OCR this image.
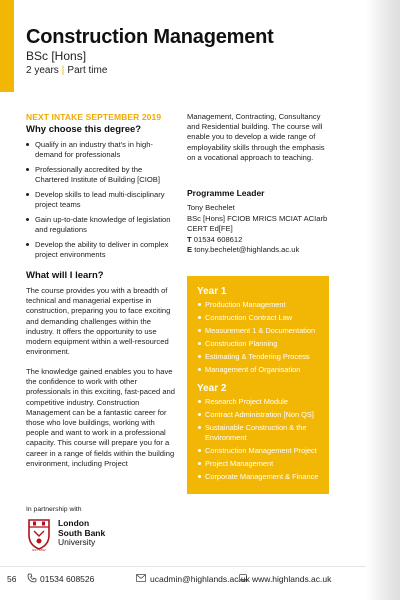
Construction Management
BSc [Hons]
2 years | Part time
NEXT INTAKE SEPTEMBER 2019
Why choose this degree?
Qualify in an industry that's in high-demand for professionals
Professionally accredited by the Chartered Institute of Building [CIOB]
Develop skills to lead multi-disciplinary project teams
Gain up-to-date knowledge of legislation and regulations
Develop the ability to deliver in complex project environments
What will I learn?

The course provides you with a breadth of technical and managerial expertise in construction, preparing you to face exciting and demanding challenges within the industry. It offers the opportunity to use modern equipment within a well-resourced environment.

The knowledge gained enables you to have the confidence to work with other professionals in this exciting, fast-paced and competitive industry. Construction Management can be a fantastic career for those who love buildings, working with people and want to work in a professional capacity. This course will prepare you for a career in a range of fields within the building environment, including Project

Management, Contracting, Consultancy and Residential building. The course will enable you to develop a wide range of employability skills through the emphasis on a vocational approach to teaching.

Programme Leader
Tony Bechelet
BSc [Hons] FCIOB MRICS MCIAT ACIarb CERT Ed[FE]
T 01534 608612
E tony.bechelet@highlands.ac.uk
Year 1
Production Management
Construction Contract Law
Measurement 1 & Documentation
Construction Planning
Estimating & Tendering Process
Management of Organisation
Year 2
Research Project Module
Contract Administration [Non QS]
Sustainable Construction & the Environment
Construction Management Project
Project Management
Corporate Management & Finance
In partnership with
EST 1892
London
South Bank
University
56	01534 608526	ucadmin@highlands.ac.uk www.highlands.ac.uk
